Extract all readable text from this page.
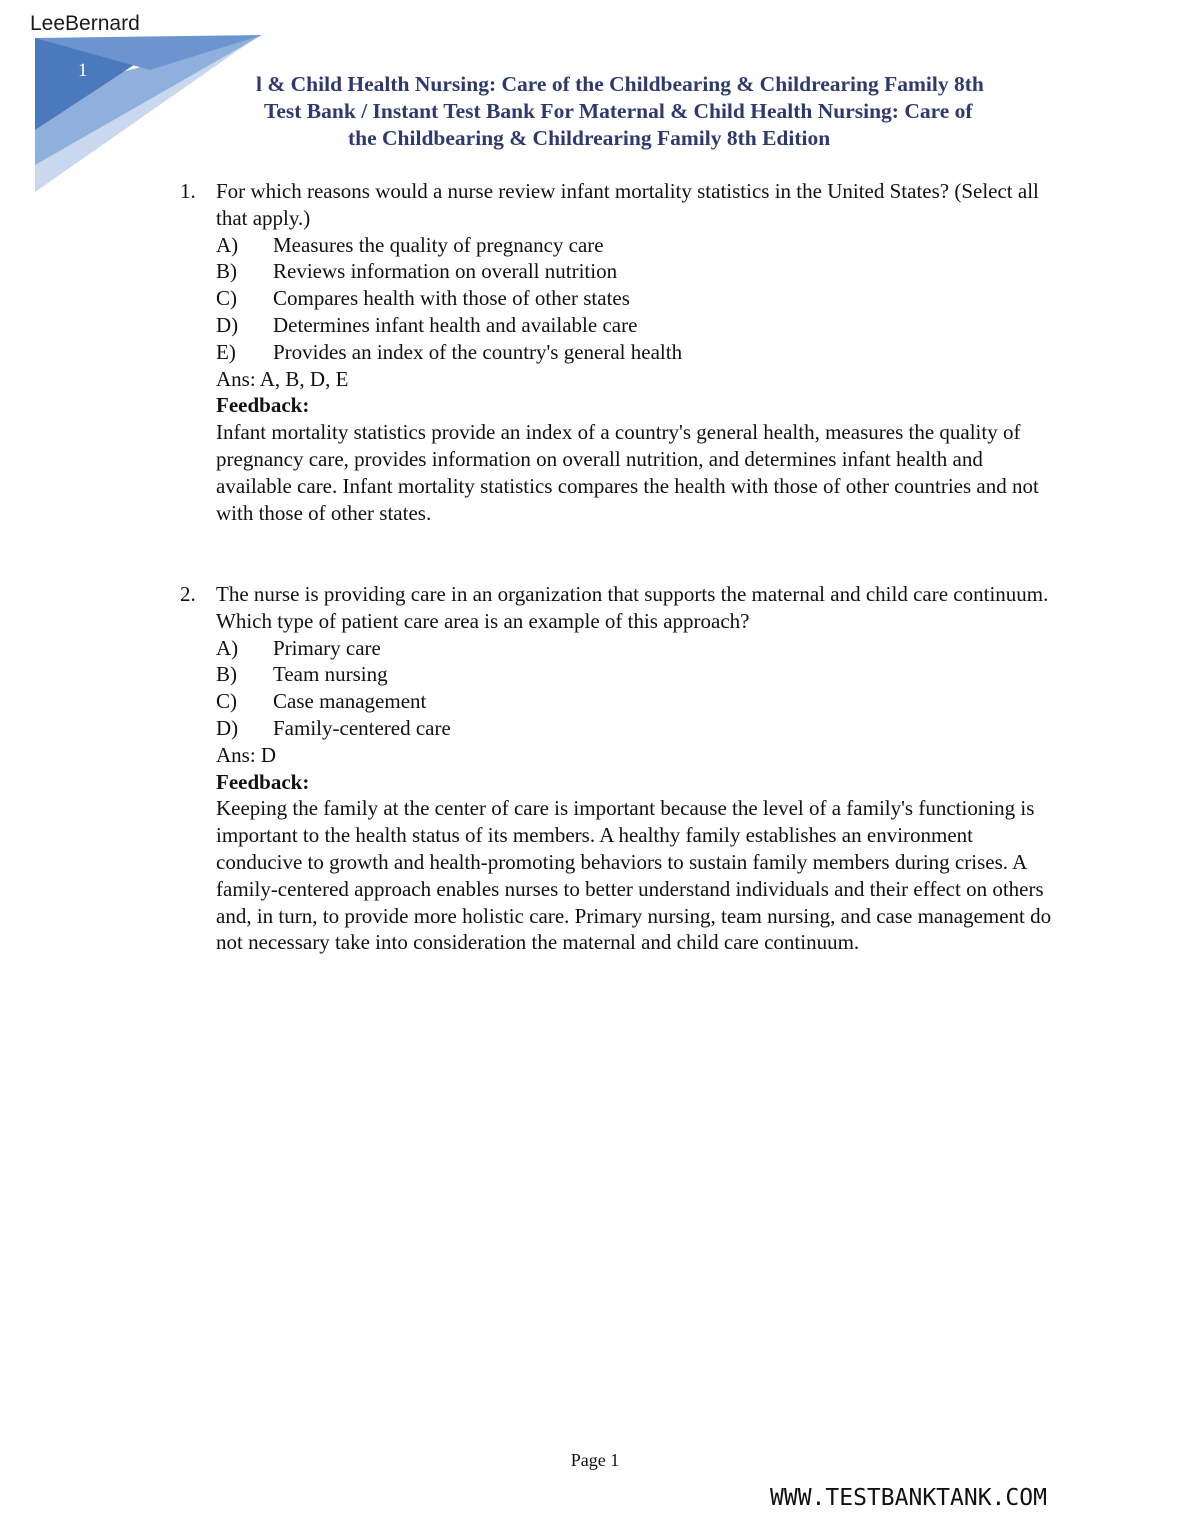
LeeBernard
1
l & Child Health Nursing: Care of the Childbearing & Childrearing Family 8th
Test Bank / Instant Test Bank For Maternal & Child Health Nursing: Care of
the Childbearing & Childrearing Family 8th Edition
1. For which reasons would a nurse review infant mortality statistics in the United States? (Select all that apply.)
A)	Measures the quality of pregnancy care
B)	Reviews information on overall nutrition
C)	Compares health with those of other states
D)	Determines infant health and available care
E)	Provides an index of the country's general health
Ans: A, B, D, E
Feedback:
Infant mortality statistics provide an index of a country's general health, measures the quality of pregnancy care, provides information on overall nutrition, and determines infant health and available care. Infant mortality statistics compares the health with those of other countries and not with those of other states.
2. The nurse is providing care in an organization that supports the maternal and child care continuum. Which type of patient care area is an example of this approach?
A)	Primary care
B)	Team nursing
C)	Case management
D)	Family-centered care
Ans: D
Feedback:
Keeping the family at the center of care is important because the level of a family's functioning is important to the health status of its members. A healthy family establishes an environment conducive to growth and health-promoting behaviors to sustain family members during crises. A family-centered approach enables nurses to better understand individuals and their effect on others and, in turn, to provide more holistic care. Primary nursing, team nursing, and case management do not necessary take into consideration the maternal and child care continuum.
Page 1
WWW.TESTBANKTANK.COM
